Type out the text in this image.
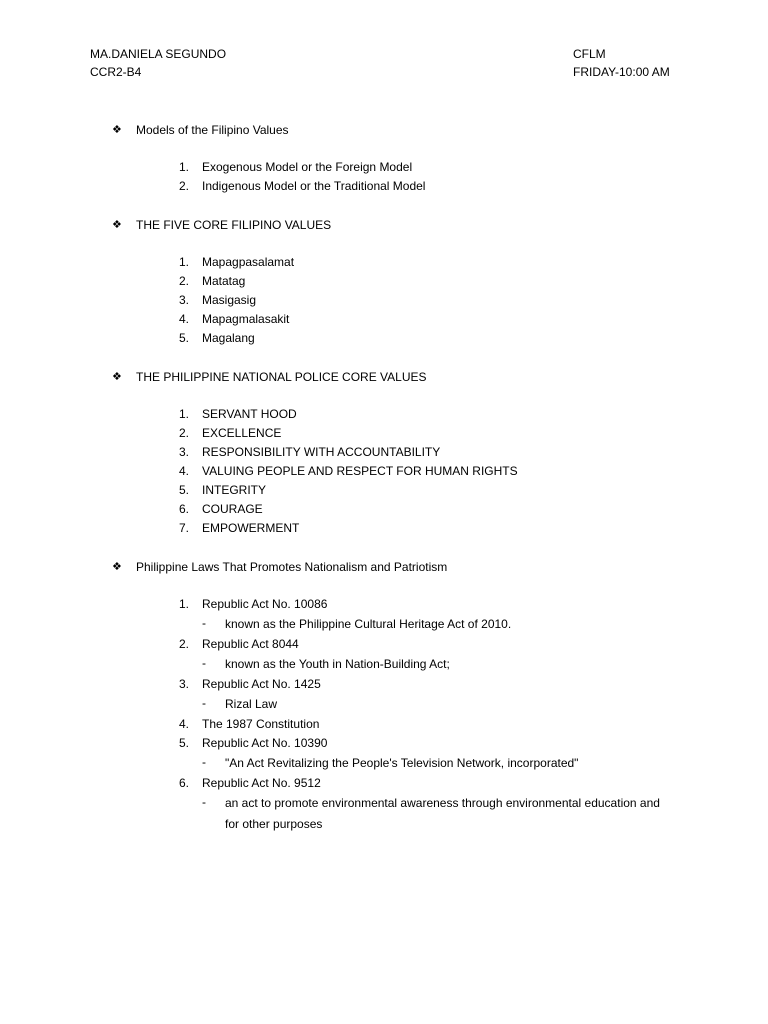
MA.DANIELA SEGUNDO
CCR2-B4
CFLM
FRIDAY-10:00 AM
❖ Models of the Filipino Values
1. Exogenous Model or the Foreign Model
2. Indigenous Model or the Traditional Model
❖ THE FIVE CORE FILIPINO VALUES
1. Mapagpasalamat
2. Matatag
3. Masigasig
4. Mapagmalasakit
5. Magalang
❖ THE PHILIPPINE NATIONAL POLICE CORE VALUES
1. SERVANT HOOD
2. EXCELLENCE
3. RESPONSIBILITY WITH ACCOUNTABILITY
4. VALUING PEOPLE AND RESPECT FOR HUMAN RIGHTS
5. INTEGRITY
6. COURAGE
7. EMPOWERMENT
❖ Philippine Laws That Promotes Nationalism and Patriotism
1. Republic Act No. 10086
- known as the Philippine Cultural Heritage Act of 2010.
2. Republic Act 8044
- known as the Youth in Nation-Building Act;
3. Republic Act No. 1425
- Rizal Law
4. The 1987 Constitution
5. Republic Act No. 10390
- "An Act Revitalizing the People's Television Network, incorporated"
6. Republic Act No. 9512
- an act to promote environmental awareness through environmental education and for other purposes
